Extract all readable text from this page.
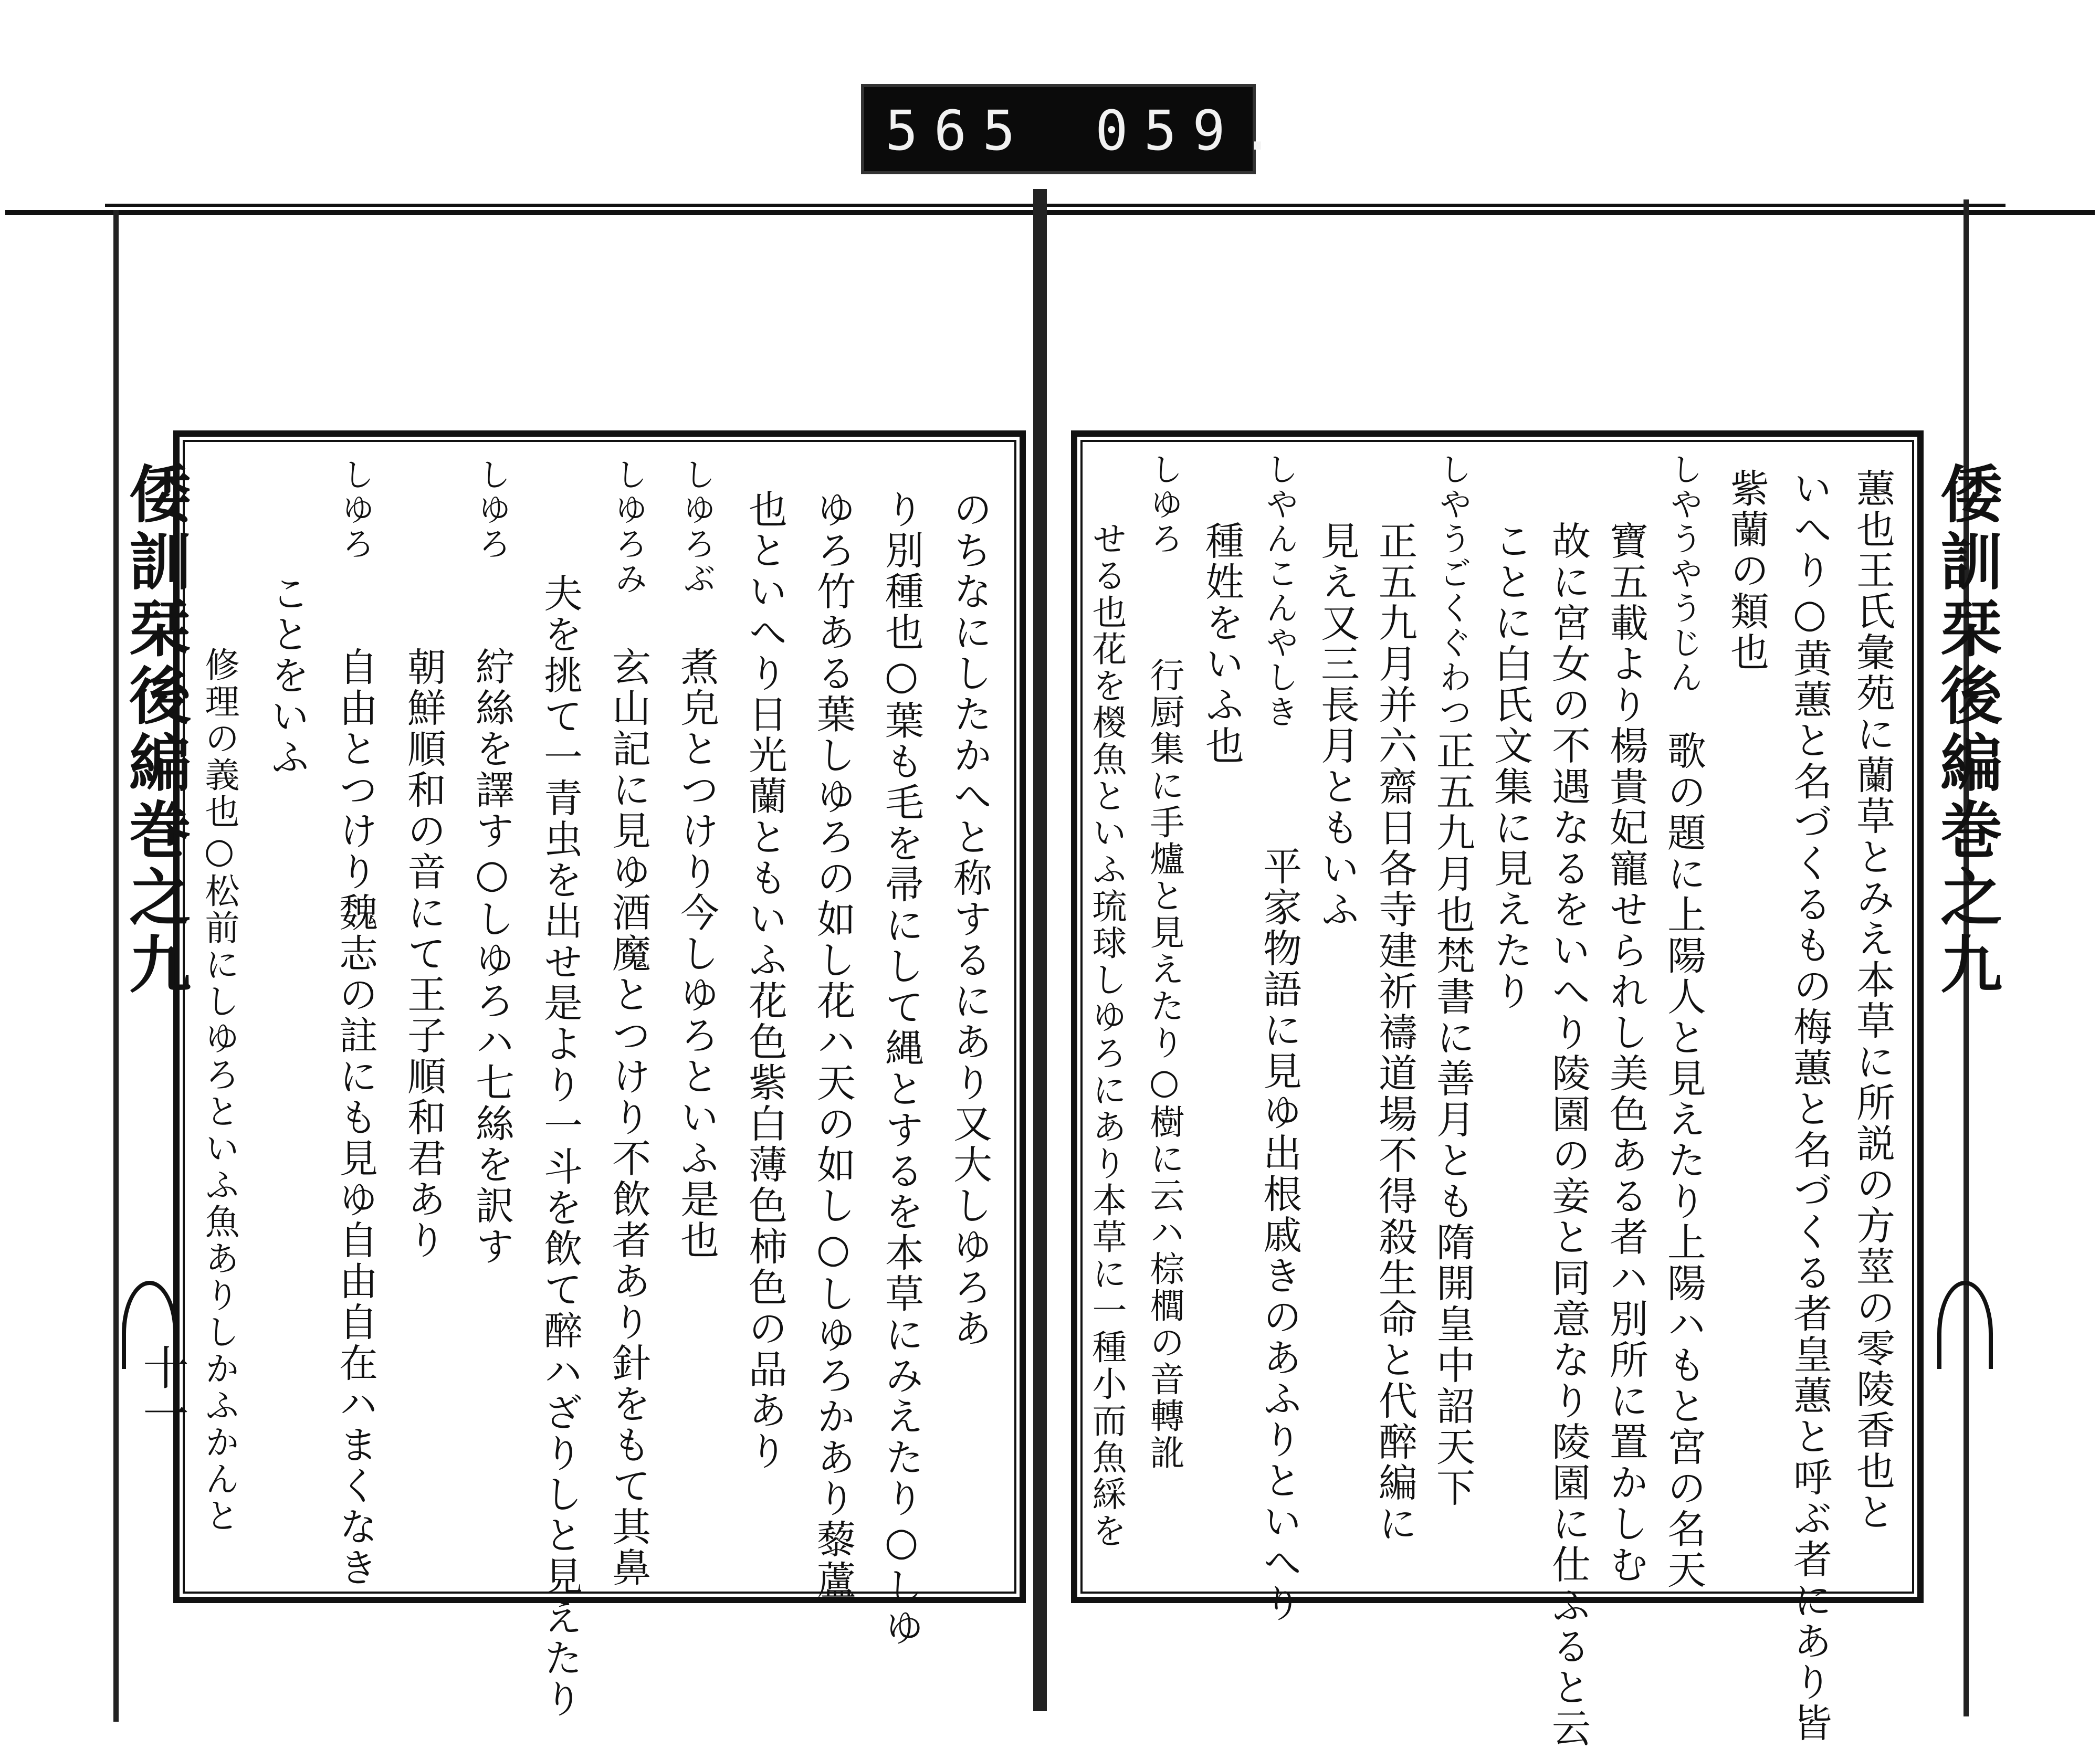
565 059.
のちなにしたかへと称するにあり又大しゆろあ
り別種也○葉も毛を帚にして縄とするを本草にみえたり○しゆ
ゆろ竹ある葉しゆろの如し花ハ天の如し○しゆろかあり藜蘆
也といへり日光蘭ともいふ花色紫白薄色柿色の品あり
しゆろぶ
煮皃とつけり今しゆろといふ是也
しゆろみ
玄山記に見ゆ酒魔とつけり不飲者あり針をもて其鼻
夫を挑て一青虫を出せ是より一斗を飲て醉ハざりしと見えたり
しゆろ
紵絲を譯す○しゆろハ七絲を訳す
朝鮮順和の音にて王子順和君あり
しゆろ
自由とつけり魏志の註にも見ゆ自由自在ハまくなき
ことをいふ
修理の義也○松前にしゆろといふ魚ありしかふかんと
倭訓栞後編巻之九
十一	蕙也王氏彙苑に蘭草とみえ本草に所説の方莖の零陵香也と
いへり○黄蕙と名づくるもの梅蕙と名づくる者皇蕙と呼ぶ者にあり皆
紫蘭の類也
しやうやうじん
寶五載より楊貴妃寵せられし美色ある者ハ別所に置かしむ
故に宮女の不遇なるをいへり陵園の妾と同意なり陵園に仕ふると云
ことに白氏文集に見えたり	歌の題に上陽人と見えたり上陽ハもと宮の名天
しやうごくぐわつ
正五九月也梵書に善月とも隋開皇中詔天下
正五九月并六齋日各寺建祈禱道場不得殺生命と代醉編に
見え又三長月ともいふ
しやんこんやしき
種姓をいふ也
平家物語に見ゆ出根戚きのあふりといへり
しゆろ
行厨集に手爐と見えたり○樹に云ハ棕櫚の音轉訛
せる也花を椶魚といふ琉球しゆろにあり本草に一種小而魚綵を	倭訓栞後編巻之九
